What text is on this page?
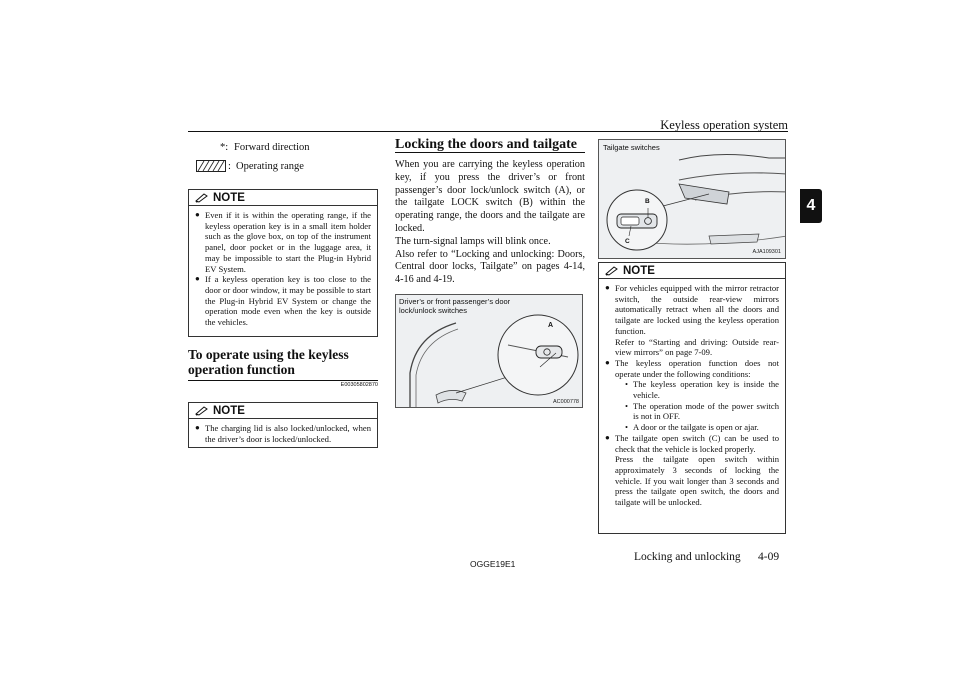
Keyless operation system
4
*: Forward direction
: Operating range
NOTE
● Even if it is within the operating range, if the keyless operation key is in a small item holder such as the glove box, on top of the instrument panel, door pocket or in the luggage area, it may be impossible to start the Plug-in Hybrid EV System.
● If a keyless operation key is too close to the door or door window, it may be possible to start the Plug-in Hybrid EV System or change the operation mode even when the key is outside the vehicles.
To operate using the keyless operation function
E00305802870
NOTE
● The charging lid is also locked/unlocked, when the driver’s door is locked/unlocked.
Locking the doors and tailgate
When you are carrying the keyless operation key, if you press the driver’s or front passenger’s door lock/unlock switch (A), or the tailgate LOCK switch (B) within the operating range, the doors and the tailgate are locked.
The turn-signal lamps will blink once.
Also refer to “Locking and unlocking: Doors, Central door locks, Tailgate” on pages 4-14, 4-16 and 4-19.
Driver’s or front passenger’s door lock/unlock switches
A
AC000778
Tailgate switches
B
C
AJA109301
NOTE
● For vehicles equipped with the mirror retractor switch, the outside rear-view mirrors automatically retract when all the doors and tailgate are locked using the keyless operation function.
Refer to “Starting and driving: Outside rear-view mirrors” on page 7-09.
● The keyless operation function does not operate under the following conditions:
• The keyless operation key is inside the vehicle.
• The operation mode of the power switch is not in OFF.
• A door or the tailgate is open or ajar.
● The tailgate open switch (C) can be used to check that the vehicle is locked properly.
Press the tailgate open switch within approximately 3 seconds of locking the vehicle. If you wait longer than 3 seconds and press the tailgate open switch, the doors and tailgate will be unlocked.
OGGE19E1
Locking and unlocking 4-09
